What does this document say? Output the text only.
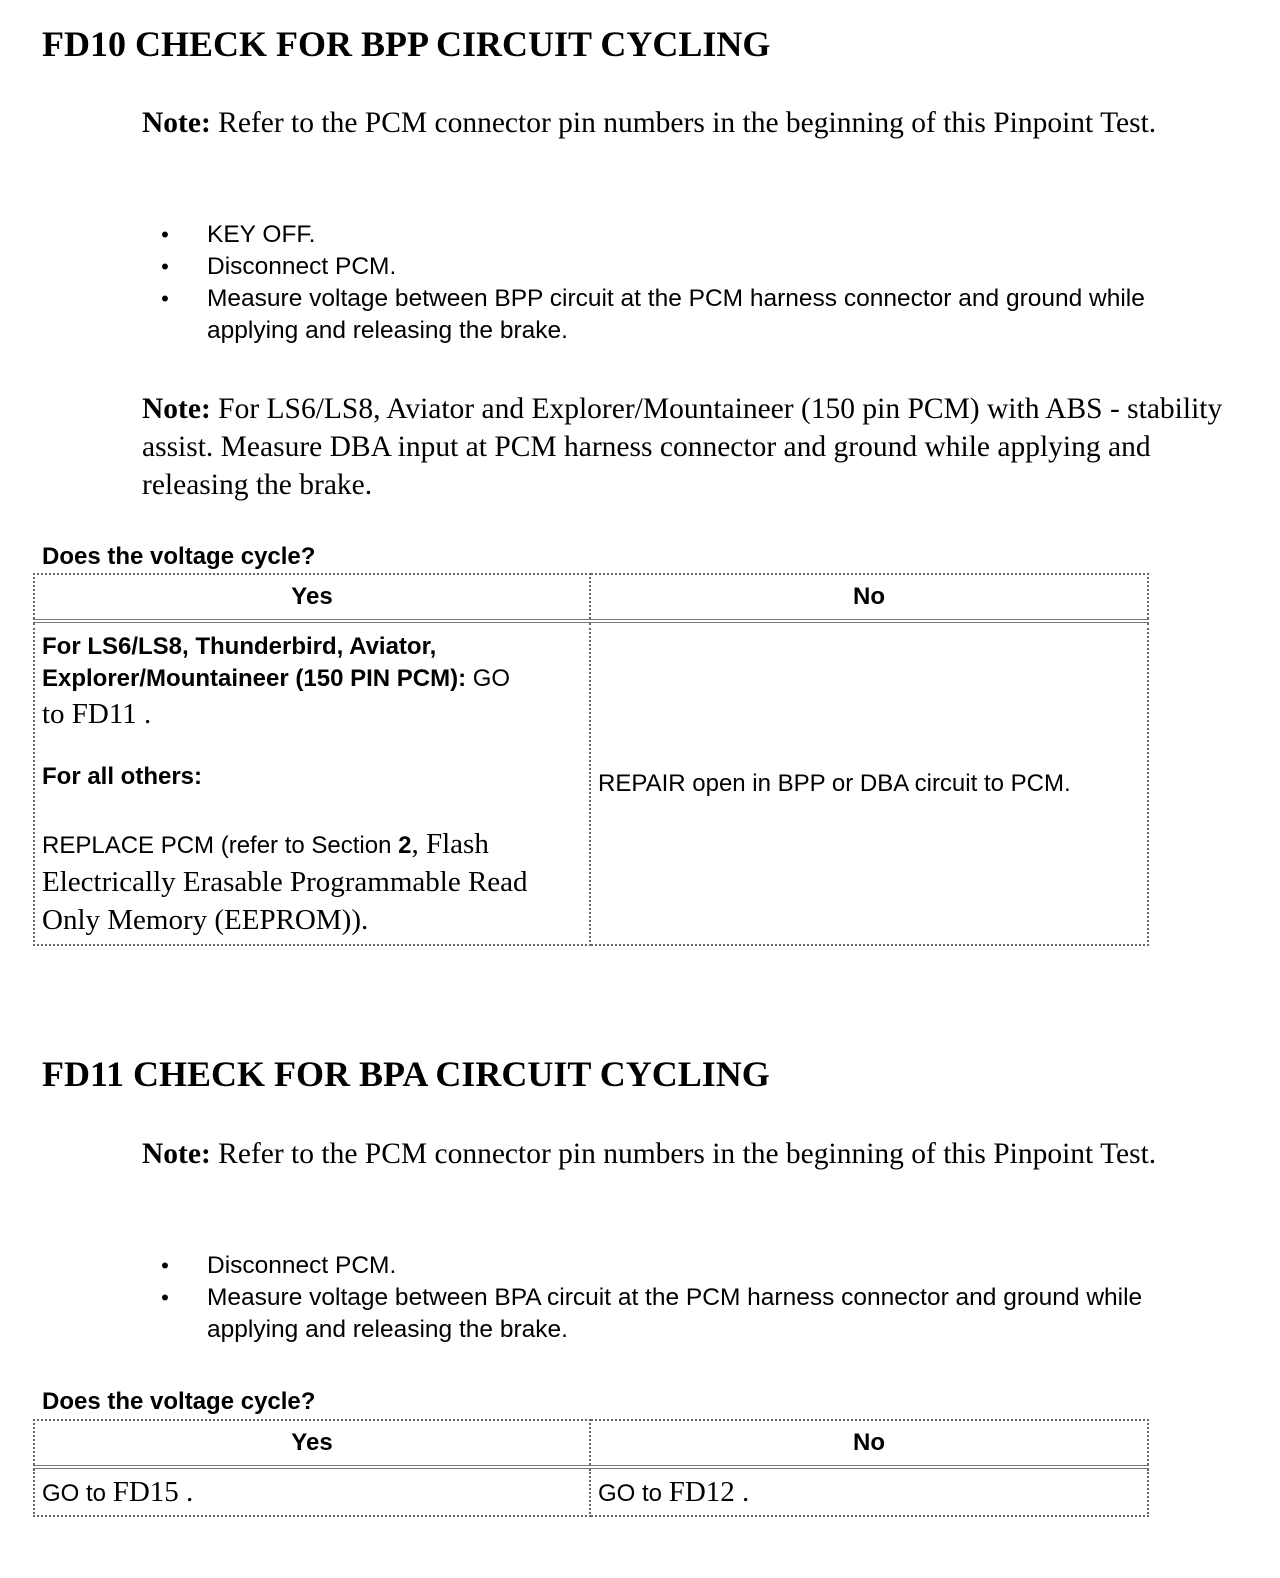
FD10 CHECK FOR BPP CIRCUIT CYCLING

Note: Refer to the PCM connector pin numbers in the beginning of this Pinpoint Test.

• KEY OFF.
• Disconnect PCM.
• Measure voltage between BPP circuit at the PCM harness connector and ground while applying and releasing the brake.

Note: For LS6/LS8, Aviator and Explorer/Mountaineer (150 pin PCM) with ABS - stability assist. Measure DBA input at PCM harness connector and ground while applying and releasing the brake.

Does the voltage cycle?

Yes	No

For LS6/LS8, Thunderbird, Aviator, Explorer/Mountaineer (150 PIN PCM): GO

to FD11 .

For all others:

REPLACE PCM (refer to Section 2, Flash Electrically Erasable Programmable Read Only Memory (EEPROM)).	REPAIR open in BPP or DBA circuit to PCM.
FD11 CHECK FOR BPA CIRCUIT CYCLING

Note: Refer to the PCM connector pin numbers in the beginning of this Pinpoint Test.

• Disconnect PCM.
• Measure voltage between BPA circuit at the PCM harness connector and ground while applying and releasing the brake.

Does the voltage cycle?

Yes	No
GO to FD15 .	GO to FD12 .
